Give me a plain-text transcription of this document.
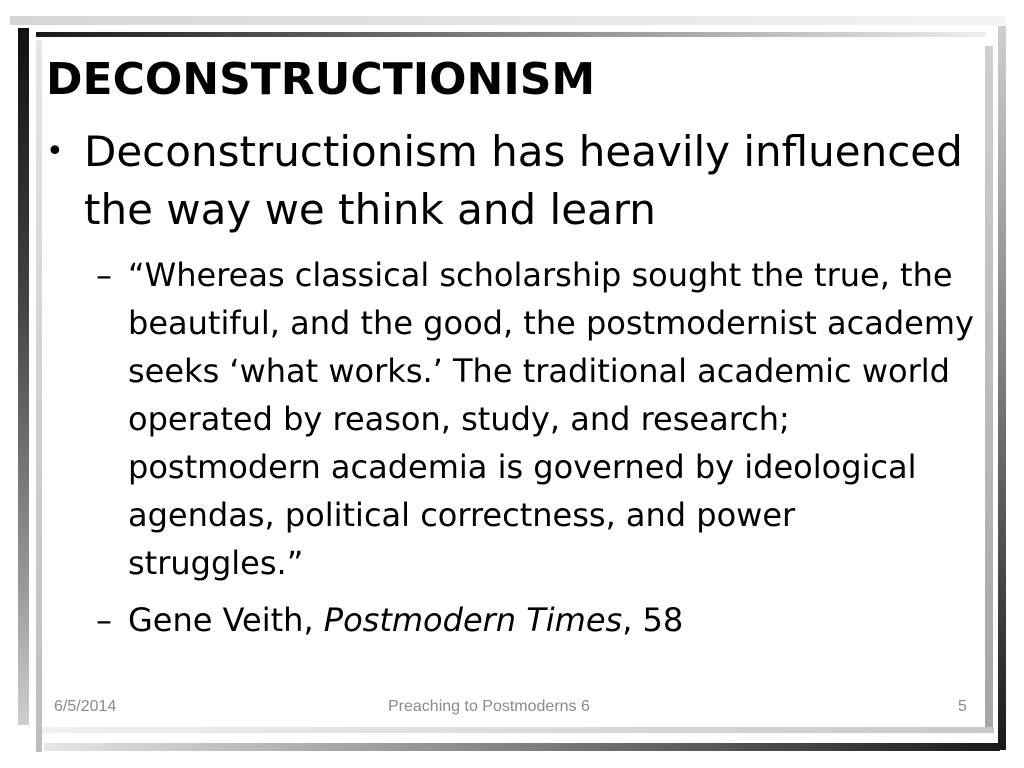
DECONSTRUCTIONISM
• Deconstructionism has heavily influenced the way we think and learn
– “Whereas classical scholarship sought the true, the beautiful, and the good, the postmodernist academy seeks ‘what works.’ The traditional academic world operated by reason, study, and research; postmodern academia is governed by ideological agendas, political correctness, and power struggles.”
– Gene Veith, Postmodern Times, 58
6/5/2014	Preaching to Postmoderns 6	5
